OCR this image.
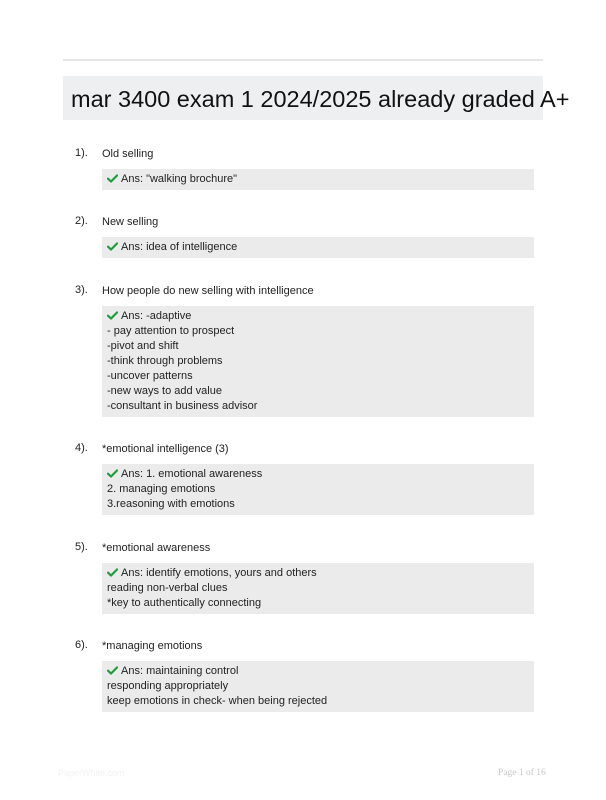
mar 3400 exam 1 2024/2025 already graded A+
1). Old selling
Ans: "walking brochure"
2). New selling
Ans: idea of intelligence
3). How people do new selling with intelligence
Ans: -adaptive
- pay attention to prospect
-pivot and shift
-think through problems
-uncover patterns
-new ways to add value
-consultant in business advisor
4). *emotional intelligence (3)
Ans: 1. emotional awareness
2. managing emotions
3.reasoning with emotions
5). *emotional awareness
Ans: identify emotions, yours and others
reading non-verbal clues
*key to authentically connecting
6). *managing emotions
Ans: maintaining control
responding appropriately
keep emotions in check- when being rejected
PaperWhite.com	Page 1 of 16
